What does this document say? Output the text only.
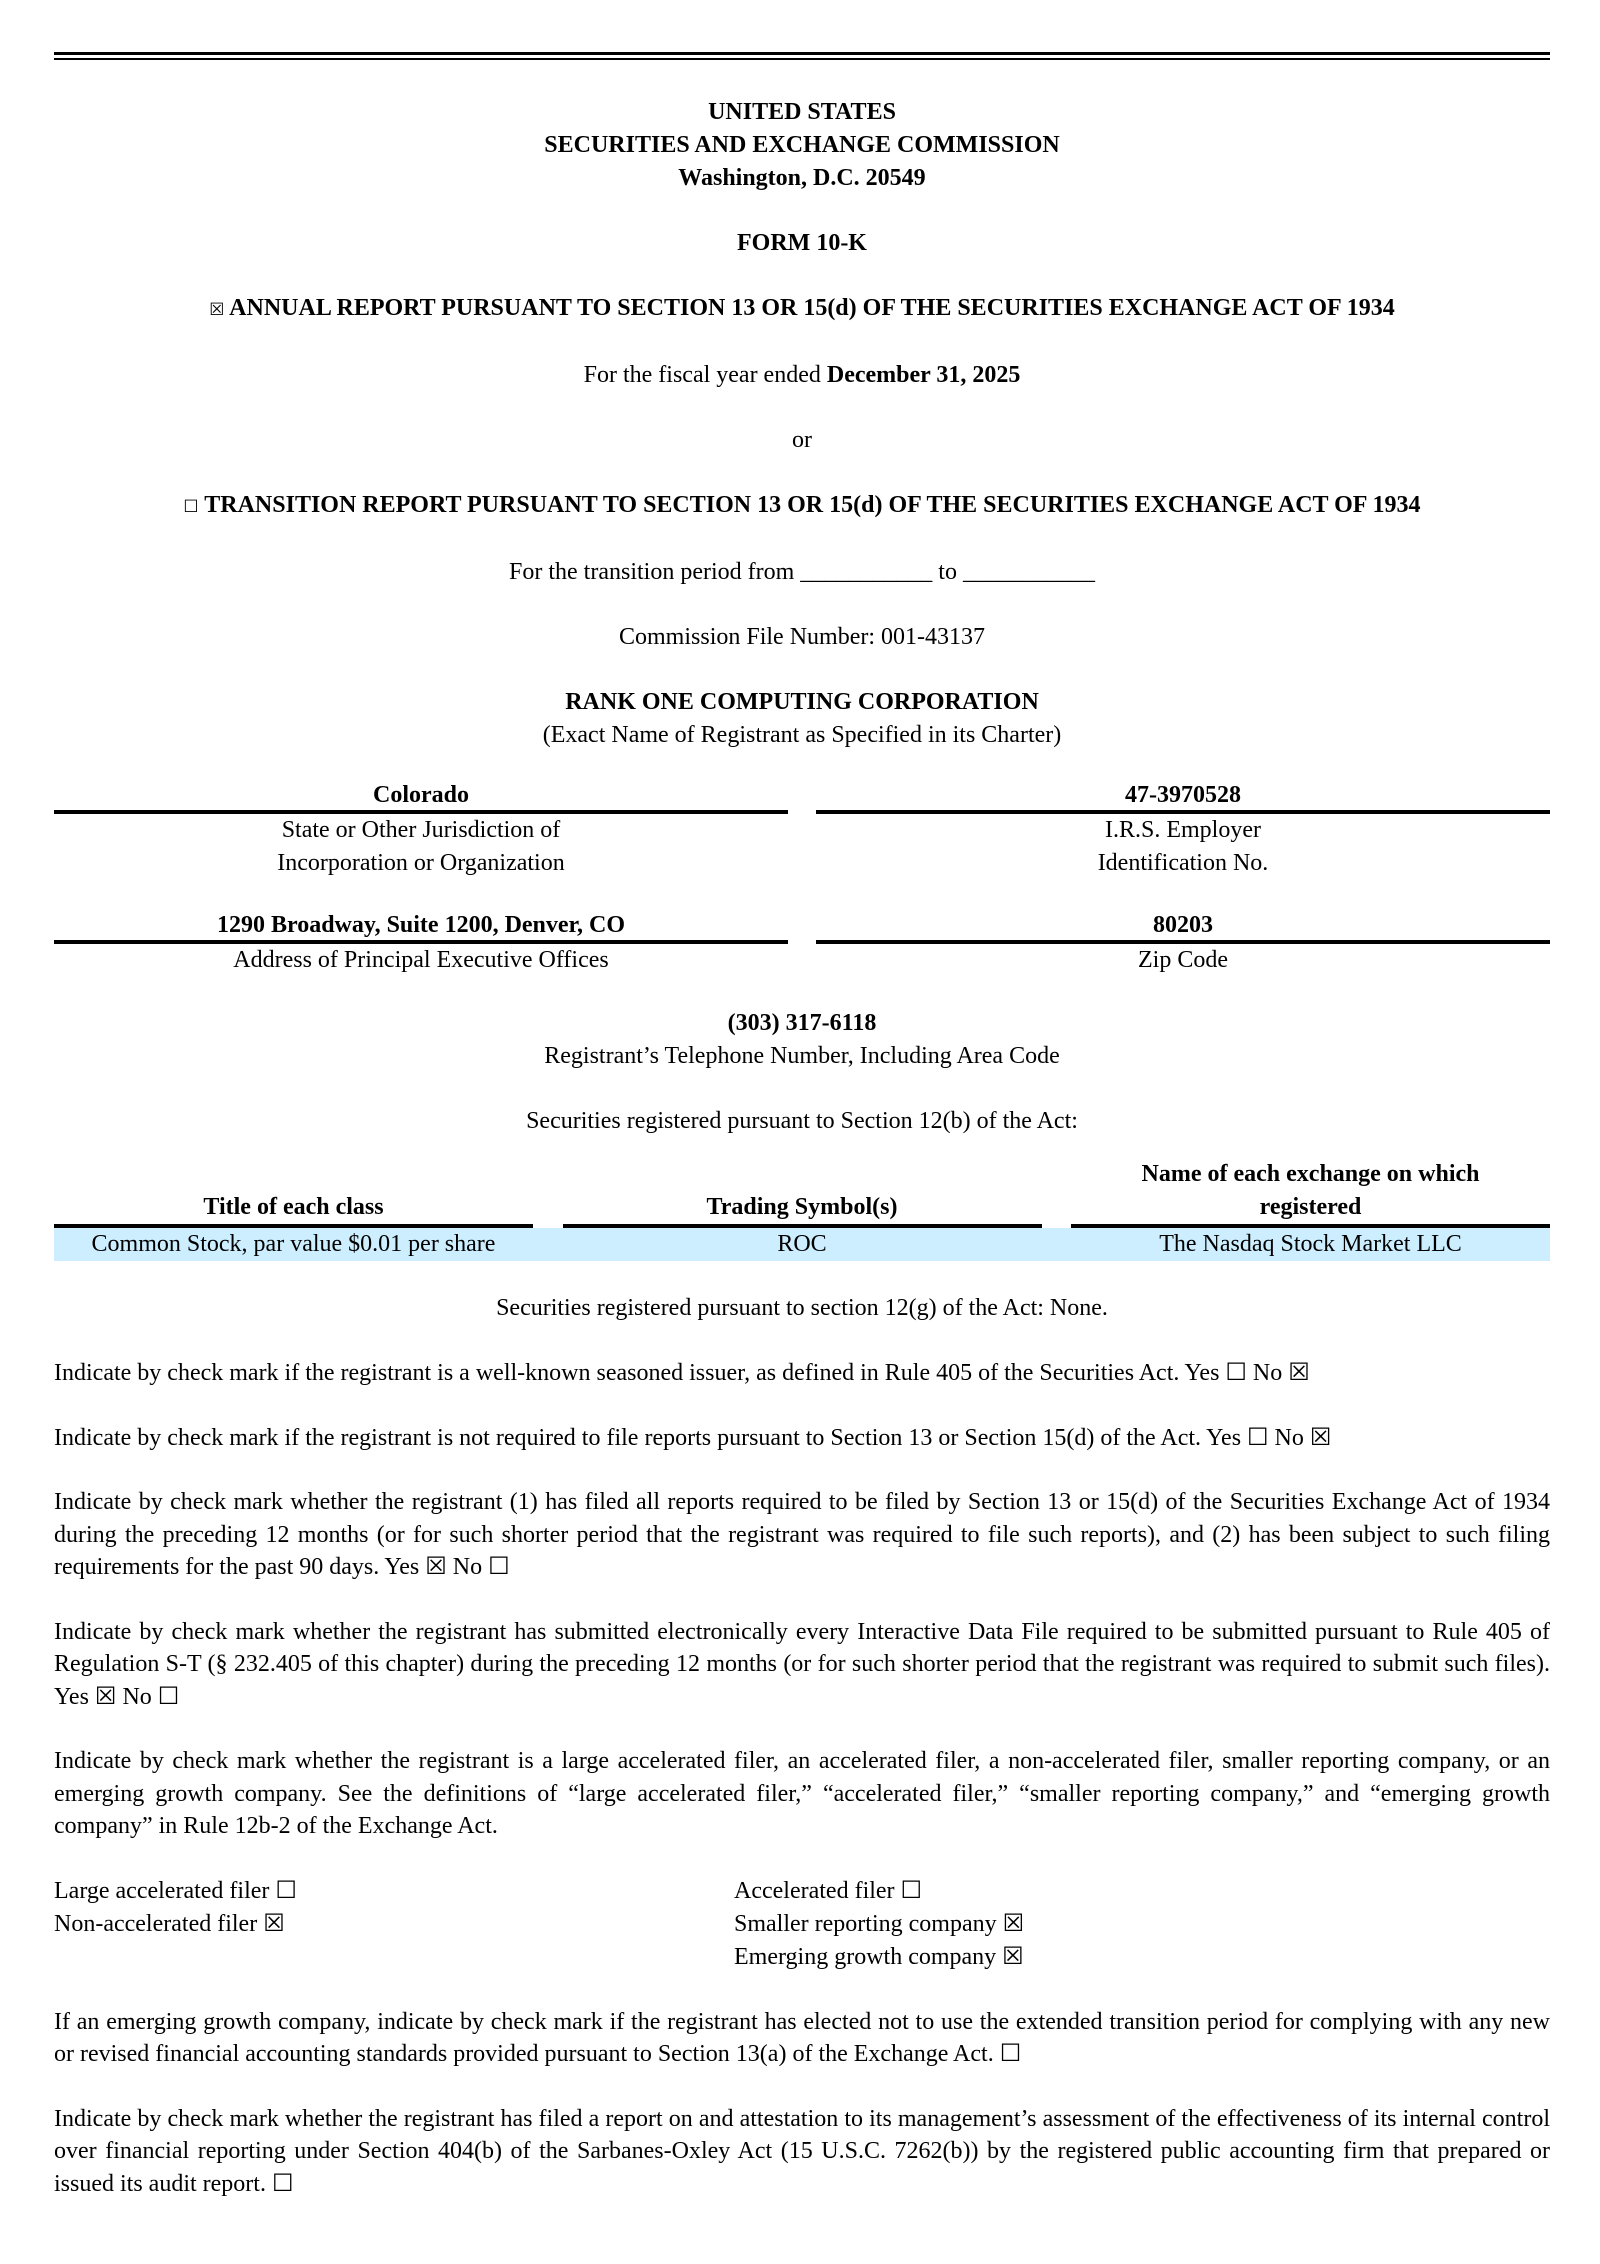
UNITED STATES
SECURITIES AND EXCHANGE COMMISSION
Washington, D.C. 20549
FORM 10-K
☒ ANNUAL REPORT PURSUANT TO SECTION 13 OR 15(d) OF THE SECURITIES EXCHANGE ACT OF 1934
For the fiscal year ended December 31, 2025
or
☐ TRANSITION REPORT PURSUANT TO SECTION 13 OR 15(d) OF THE SECURITIES EXCHANGE ACT OF 1934
For the transition period from ___________ to ___________
Commission File Number: 001-43137
RANK ONE COMPUTING CORPORATION
(Exact Name of Registrant as Specified in its Charter)
Colorado
State or Other Jurisdiction of
Incorporation or Organization
47-3970528
I.R.S. Employer
Identification No.
1290 Broadway, Suite 1200, Denver, CO
Address of Principal Executive Offices
80203
Zip Code
(303) 317-6118
Registrant’s Telephone Number, Including Area Code
Securities registered pursuant to Section 12(b) of the Act:
Title of each class	Trading Symbol(s)
Name of each exchange on which
registered
Common Stock, par value $0.01 per share	ROC	The Nasdaq Stock Market LLC
Securities registered pursuant to section 12(g) of the Act: None.
Indicate by check mark if the registrant is a well-known seasoned issuer, as defined in Rule 405 of the Securities Act. Yes ☐ No ☒
Indicate by check mark if the registrant is not required to file reports pursuant to Section 13 or Section 15(d) of the Act. Yes ☐ No ☒
Indicate by check mark whether the registrant (1) has filed all reports required to be filed by Section 13 or 15(d) of the Securities Exchange Act of 1934 during the preceding 12 months (or for such shorter period that the registrant was required to file such reports), and (2) has been subject to such filing requirements for the past 90 days. Yes ☒ No ☐
Indicate by check mark whether the registrant has submitted electronically every Interactive Data File required to be submitted pursuant to Rule 405 of Regulation S-T (§ 232.405 of this chapter) during the preceding 12 months (or for such shorter period that the registrant was required to submit such files). Yes ☒ No ☐
Indicate by check mark whether the registrant is a large accelerated filer, an accelerated filer, a non-accelerated filer, smaller reporting company, or an emerging growth company. See the definitions of “large accelerated filer,” “accelerated filer,” “smaller reporting company,” and “emerging growth company” in Rule 12b-2 of the Exchange Act.
Large accelerated filer ☐
Non-accelerated filer ☒
Accelerated filer ☐
Smaller reporting company ☒
Emerging growth company ☒
If an emerging growth company, indicate by check mark if the registrant has elected not to use the extended transition period for complying with any new or revised financial accounting standards provided pursuant to Section 13(a) of the Exchange Act. ☐
Indicate by check mark whether the registrant has filed a report on and attestation to its management’s assessment of the effectiveness of its internal control over financial reporting under Section 404(b) of the Sarbanes-Oxley Act (15 U.S.C. 7262(b)) by the registered public accounting firm that prepared or issued its audit report. ☐
